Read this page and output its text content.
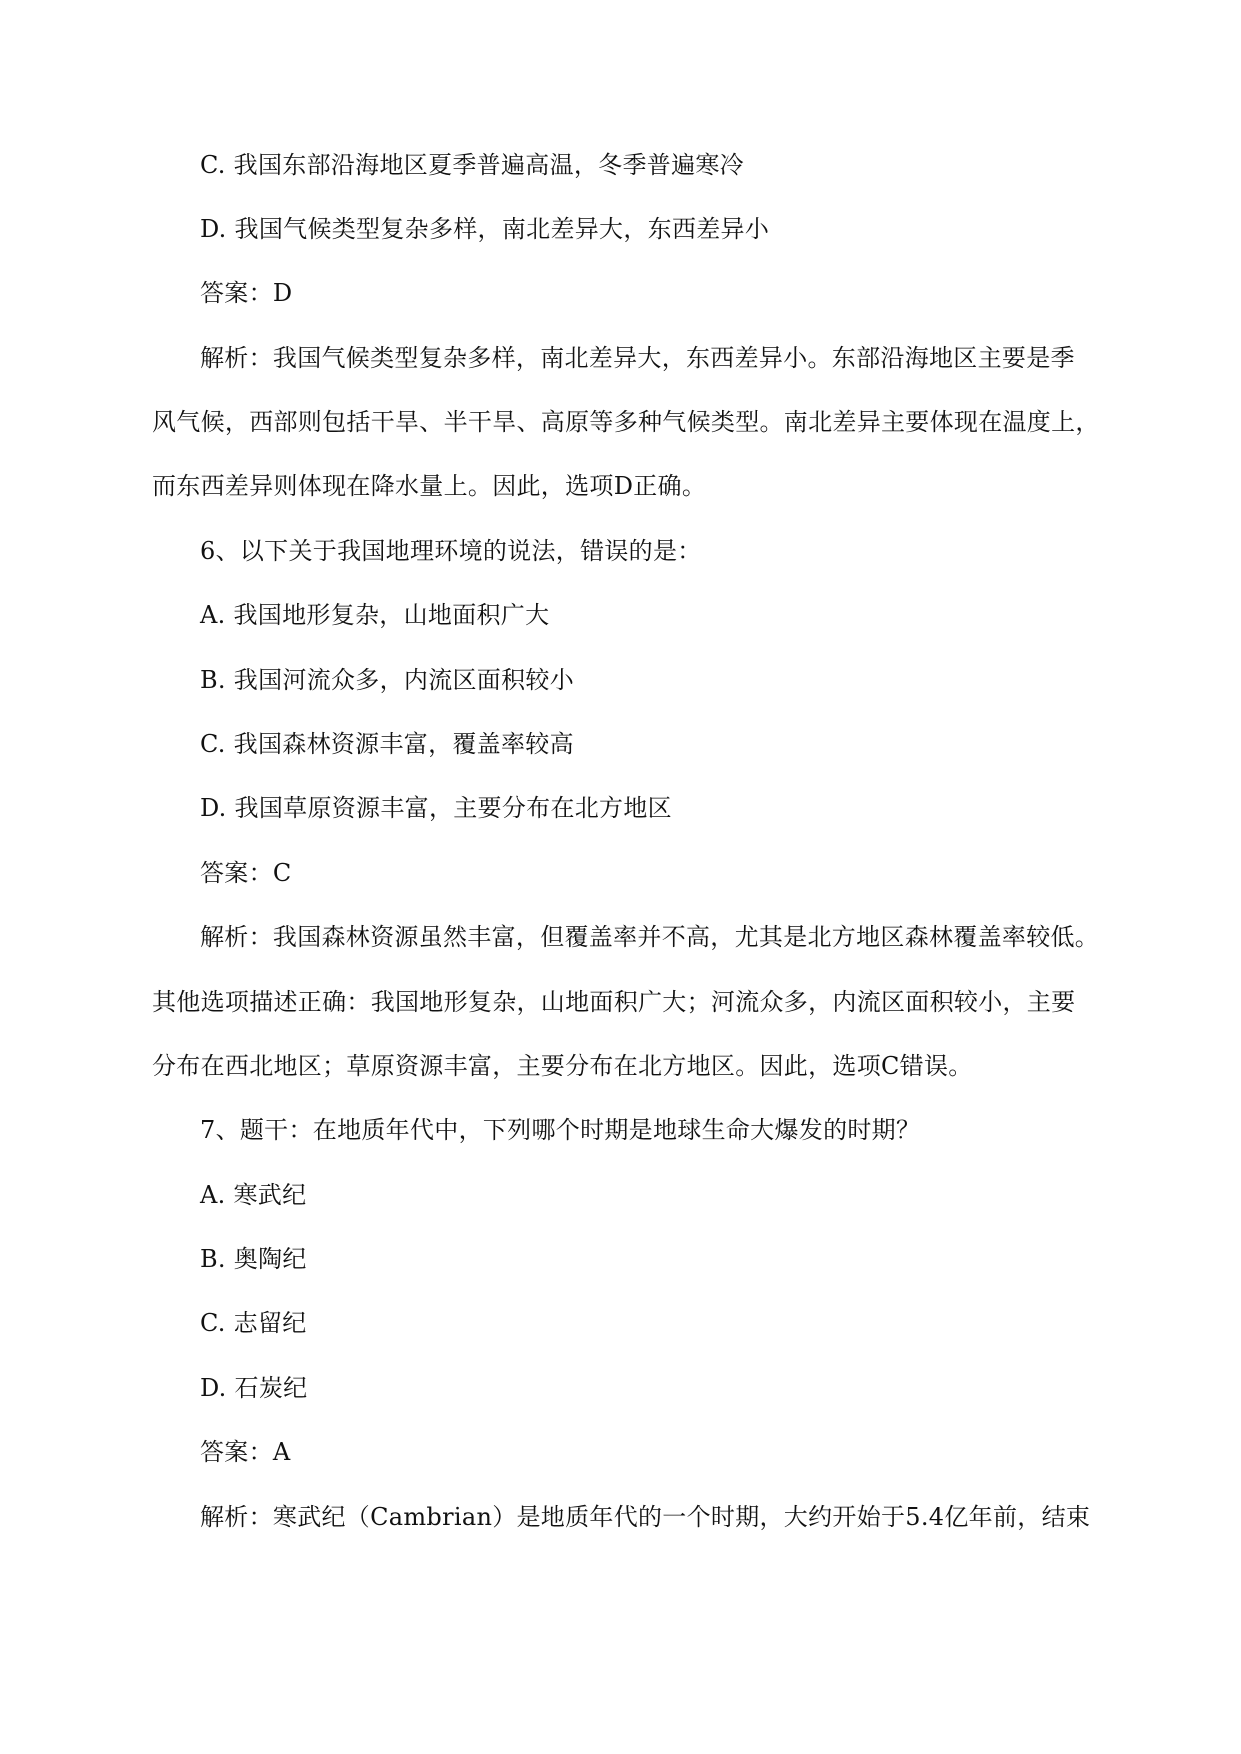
C. 我国东部沿海地区夏季普遍高温，冬季普遍寒冷
D. 我国气候类型复杂多样，南北差异大，东西差异小
答案：D
解析：我国气候类型复杂多样，南北差异大，东西差异小。东部沿海地区主要是季
风气候，西部则包括干旱、半干旱、高原等多种气候类型。南北差异主要体现在温度上，
而东西差异则体现在降水量上。因此，选项D正确。
6、以下关于我国地理环境的说法，错误的是：
A. 我国地形复杂，山地面积广大
B. 我国河流众多，内流区面积较小
C. 我国森林资源丰富，覆盖率较高
D. 我国草原资源丰富，主要分布在北方地区
答案：C
解析：我国森林资源虽然丰富，但覆盖率并不高，尤其是北方地区森林覆盖率较低。
其他选项描述正确：我国地形复杂，山地面积广大；河流众多，内流区面积较小，主要
分布在西北地区；草原资源丰富，主要分布在北方地区。因此，选项C错误。
7、题干：在地质年代中，下列哪个时期是地球生命大爆发的时期？
A. 寒武纪
B. 奥陶纪
C. 志留纪
D. 石炭纪
答案：A
解析：寒武纪（Cambrian）是地质年代的一个时期，大约开始于5.4亿年前，结束
